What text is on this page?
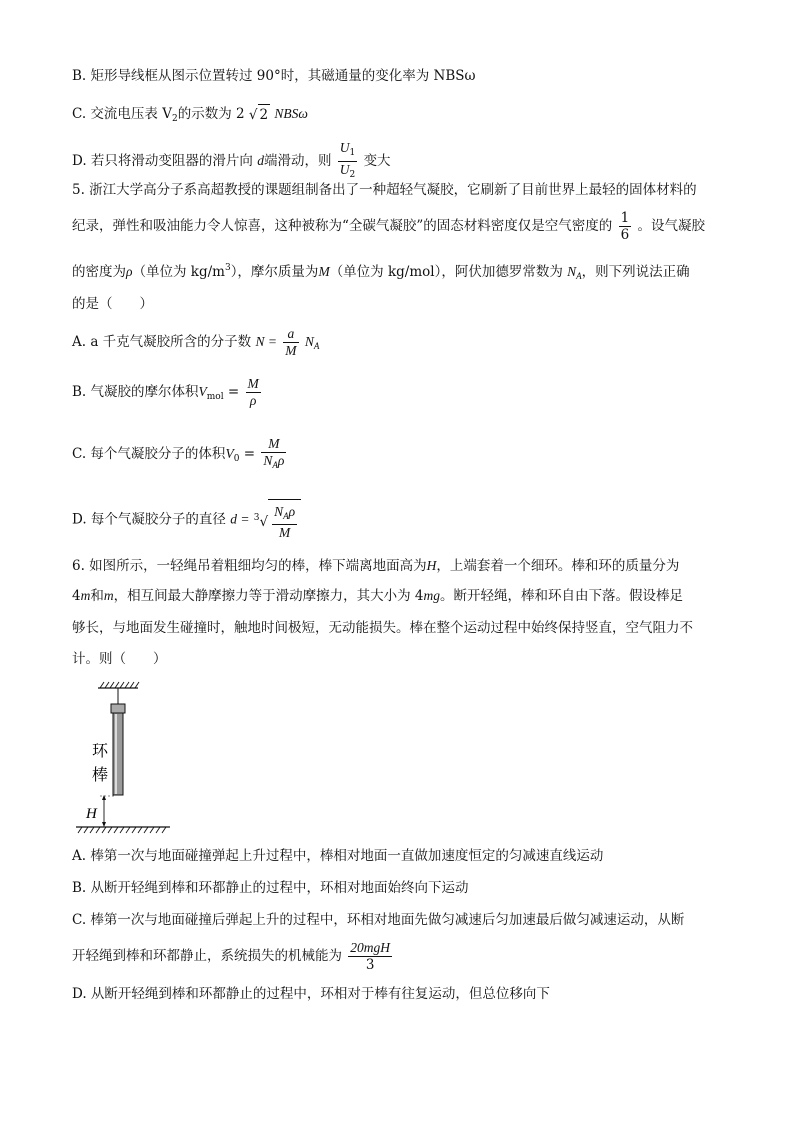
B. 矩形导线框从图示位置转过 90°时，其磁通量的变化率为 NBSω
C. 交流电压表 $V_2$的示数为 2 √ 2 NBSω
D. 若只将滑动变阻器的滑片向 d端滑动，则 $\frac{U_1}{U_2}$ 变大
5. 浙江大学高分子系高超教授的课题组制备出了一种超轻气凝胶，它刷新了目前世界上最轻的固体材料的
纪录，弹性和吸油能力令人惊喜，这种被称为“全碳气凝胶”的固态材料密度仅是空气密度的 $\frac{1}{6}$ 。设气凝胶
的密度为ρ（单位为 $kg/m^3$），摩尔质量为M（单位为 kg/mol），阿伏加德罗常数为 $N_A$，则下列说法正确
的是（　　）
A. a 千克气凝胶所含的分子数 $N = \frac{a}{M} N_A$
B. 气凝胶的摩尔体积$V_{mol} = \frac{M}{\rho}$
C. 每个气凝胶分子的体积$V_0 = \frac{M}{N_A\rho}$
D. 每个气凝胶分子的直径 $d = ^3√ \frac{N_A\rho}{M}$
6. 如图所示，一轻绳吊着粗细均匀的棒，棒下端离地面高为H，上端套着一个细环。棒和环的质量分为
4m和m，相互间最大静摩擦力等于滑动摩擦力，其大小为 4mg。断开轻绳，棒和环自由下落。假设棒足
够长，与地面发生碰撞时，触地时间极短，无动能损失。棒在整个运动过程中始终保持竖直，空气阻力不
计。则（　　）
环
棒
H
A. 棒第一次与地面碰撞弹起上升过程中，棒相对地面一直做加速度恒定的匀减速直线运动
B. 从断开轻绳到棒和环都静止的过程中，环相对地面始终向下运动
C. 棒第一次与地面碰撞后弹起上升的过程中，环相对地面先做匀减速后匀加速最后做匀减速运动，从断
开轻绳到棒和环都静止，系统损失的机械能为 $\frac{\text{20mgH}}{3}$
D. 从断开轻绳到棒和环都静止的过程中，环相对于棒有往复运动，但总位移向下
